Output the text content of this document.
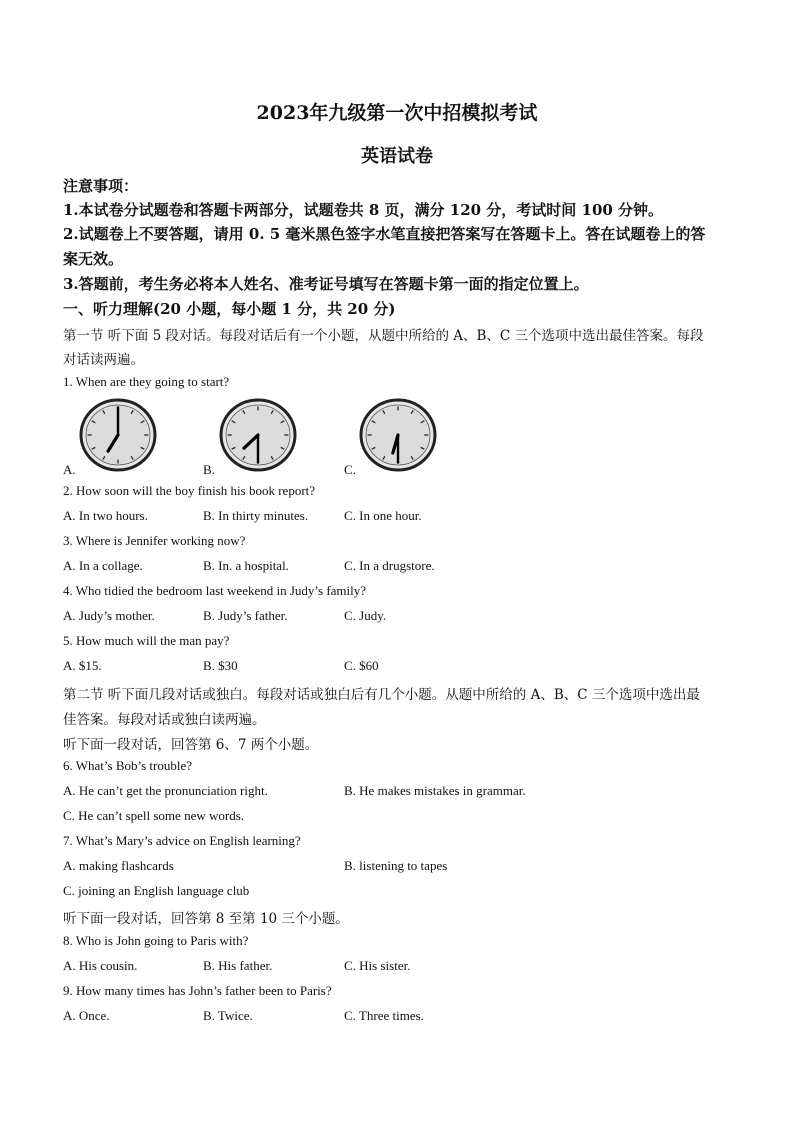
2023年九级第一次中招模拟考试
英语试卷
注意事项：
1.本试卷分试题卷和答题卡两部分，试题卷共 8 页，满分 120 分，考试时间 100 分钟。
2.试题卷上不要答题，请用 0. 5 毫米黑色签字水笔直接把答案写在答题卡上。答在试题卷上的答
案无效。
3.答题前，考生务必将本人姓名、准考证号填写在答题卡第一面的指定位置上。
一、听力理解(20 小题，每小题 1 分，共 20 分)
第一节 听下面 5 段对话。每段对话后有一个小题，从题中所给的 A、B、C 三个选项中选出最佳答案。每段
对话读两遍。
1. When are they going to start?
A.	B.	C.
2. How soon will the boy finish his book report?
A. In two hours.	B. In thirty minutes.	C. In one hour.
3. Where is Jennifer working now?
A. In a collage.	B. In. a hospital.	C. In a drugstore.
4. Who tidied the bedroom last weekend in Judy’s family?
A. Judy’s mother.	B. Judy’s father.	C. Judy.
5. How much will the man pay?
A. $15.	B. $30	C. $60
第二节 听下面几段对话或独白。每段对话或独白后有几个小题。从题中所给的 A、B、C 三个选项中选出最
佳答案。每段对话或独白读两遍。
听下面一段对话，回答第 6、7 两个小题。
6. What’s Bob’s trouble?
A. He can’t get the pronunciation right.	B. He makes mistakes in grammar.
C. He can’t spell some new words.
7. What’s Mary’s advice on English learning?
A. making flashcards	B. listening to tapes
C. joining an English language club
听下面一段对话，回答第 8 至第 10 三个小题。
8. Who is John going to Paris with?
A. His cousin.	B. His father.	C. His sister.
9. How many times has John’s father been to Paris?
A. Once.	B. Twice.	C. Three times.
